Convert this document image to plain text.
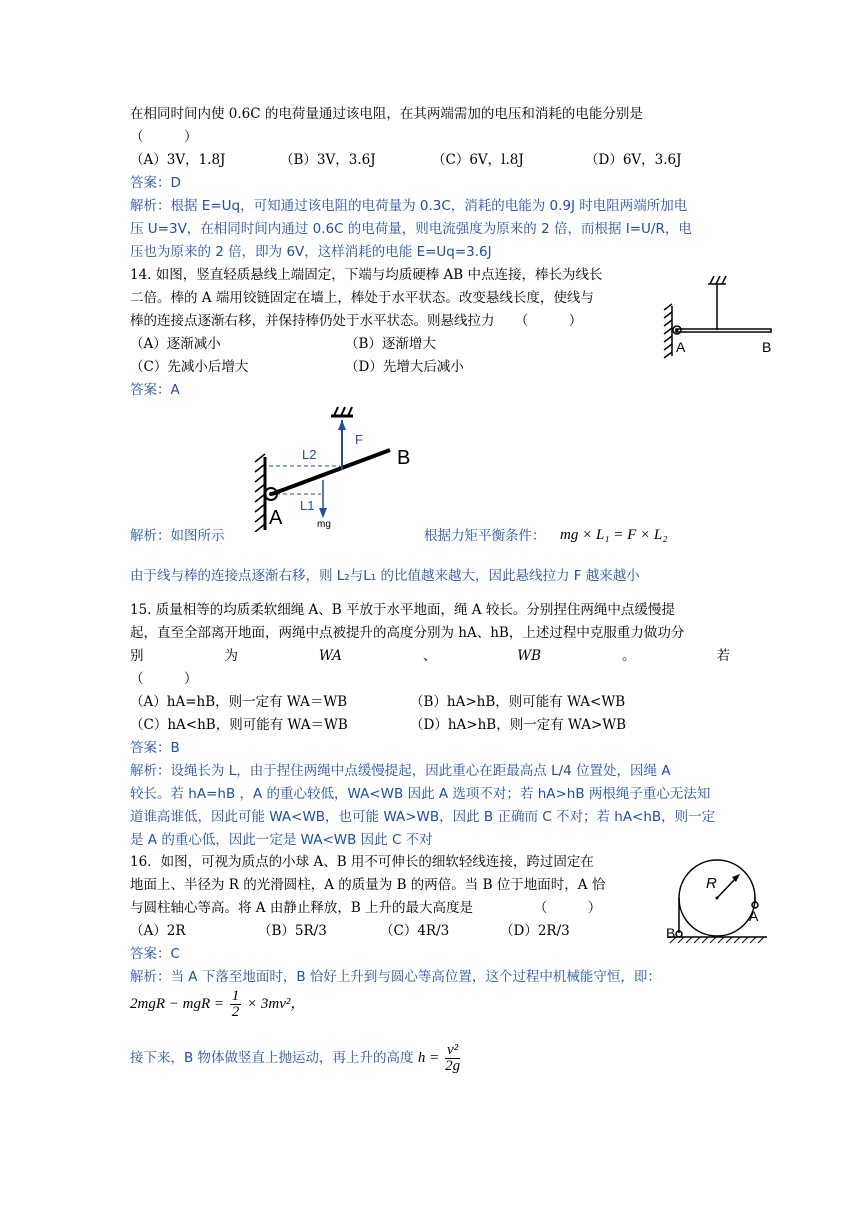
在相同时间内使 0.6C 的电荷量通过该电阻，在其两端需加的电压和消耗的电能分别是
（　　　）
（A）3V，1.8J	（B）3V，3.6J	（C）6V，l.8J	（D）6V，3.6J
答案：D
解析：根据 E=Uq，可知通过该电阻的电荷量为 0.3C，消耗的电能为 0.9J 时电阻两端所加电
压 U=3V，在相同时间内通过 0.6C 的电荷量，则电流强度为原来的 2 倍，而根据 I=U/R，电
压也为原来的 2 倍，即为 6V，这样消耗的电能 E=Uq=3.6J
14. 如图，竖直轻质悬线上端固定，下端与均质硬棒 AB 中点连接，棒长为线长
二倍。棒的 A 端用铰链固定在墙上，棒处于水平状态。改变悬线长度，使线与
棒的连接点逐渐右移，并保持棒仍处于水平状态。则悬线拉力　　（　　　）
（A）逐渐减小	（B）逐渐增大
（C）先减小后增大	（D）先增大后减小
答案：A
A	B
L2
L1
F
B
A	mg
解析：如图所示	根据力矩平衡条件： mg × L₁ = F × L₂
由于线与棒的连接点逐渐右移，则 L₂与L₁ 的比值越来越大，因此悬线拉力 F 越来越小
15. 质量相等的均质柔软细绳 A、B 平放于水平地面，绳 A 较长。分别捏住两绳中点缓慢提
起，直至全部离开地面，两绳中点被提升的高度分别为 hA、hB，上述过程中克服重力做功分
别	为	WA	、	WB	。	若
（　　　）
（A）hA=hB，则一定有 WA＝WB	（B）hA>hB，则可能有 WA<WB
（C）hA<hB，则可能有 WA＝WB	（D）hA>hB，则一定有 WA>WB
答案：B
解析：设绳长为 L，由于捏住两绳中点缓慢提起，因此重心在距最高点 L/4 位置处，因绳 A
较长。若 hA=hB ，A 的重心较低，WA<WB 因此 A 选项不对；若 hA>hB 两根绳子重心无法知
道谁高谁低，因此可能 WA<WB，也可能 WA>WB，因此 B 正确而 C 不对；若 hA<hB，则一定
是 A 的重心低，因此一定是 WA<WB 因此 C 不对
16．如图，可视为质点的小球 A、B 用不可伸长的细软轻线连接，跨过固定在
地面上、半径为 R 的光滑圆柱，A 的质量为 B 的两倍。当 B 位于地面时，A 恰
与圆柱轴心等高。将 A 由静止释放，B 上升的最大高度是　　　　　（　　　）
（A）2R	（B）5R/3	（C）4R/3	（D）2R/3
答案：C
解析：当 A 下落至地面时，B 恰好上升到与圆心等高位置，这个过程中机械能守恒，即：
R
A
B
2mgR − mgR = $\frac{1}{2} \times 3mv^2$，
接下来，B 物体做竖直上抛运动，再上升的高度 $h = \frac{\text{v²}}{2g}$
